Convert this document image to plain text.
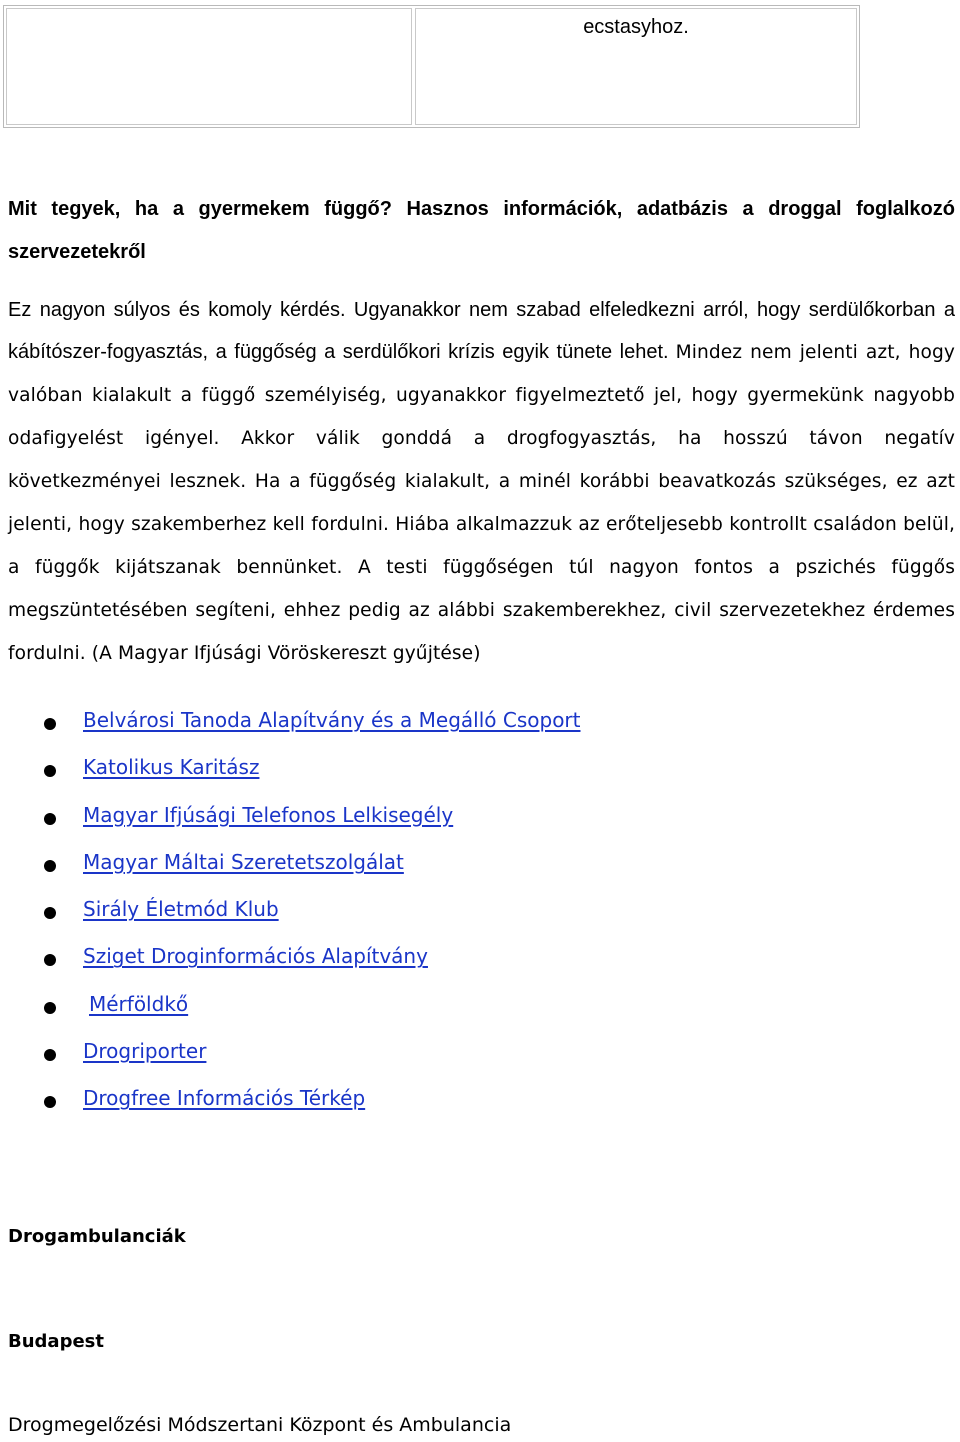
ecstasyhoz.

Mit tegyek, ha a gyermekem függő? Hasznos információk, adatbázis a droggal foglalkozó szervezetekről

Ez nagyon súlyos és komoly kérdés. Ugyanakkor nem szabad elfeledkezni arról, hogy serdülőkorban a kábítószer-fogyasztás, a függőség a serdülőkori krízis egyik tünete lehet. Mindez nem jelenti azt, hogy valóban kialakult a függő személyiség, ugyanakkor figyelmeztető jel, hogy gyermekünk nagyobb odafigyelést igényel. Akkor válik gonddá a drogfogyasztás, ha hosszú távon negatív következményei lesznek. Ha a függőség kialakult, a minél korábbi beavatkozás szükséges, ez azt jelenti, hogy szakemberhez kell fordulni. Hiába alkalmazzuk az erőteljesebb kontrollt családon belül, a függők kijátszanak bennünket. A testi függőségen túl nagyon fontos a pszichés függős megszüntetésében segíteni, ehhez pedig az alábbi szakemberekhez, civil szervezetekhez érdemes fordulni. (A Magyar Ifjúsági Vöröskereszt gyűjtése)

Belvárosi Tanoda Alapítvány és a Megálló Csoport
Katolikus Karitász
Magyar Ifjúsági Telefonos Lelkisegély
Magyar Máltai Szeretetszolgálat
Sirály Életmód Klub
Sziget Droginformációs Alapítvány
Mérföldkő
Drogriporter
Drogfree Információs Térkép

Drogambulanciák

Budapest

Drogmegelőzési Módszertani Központ és Ambulancia
